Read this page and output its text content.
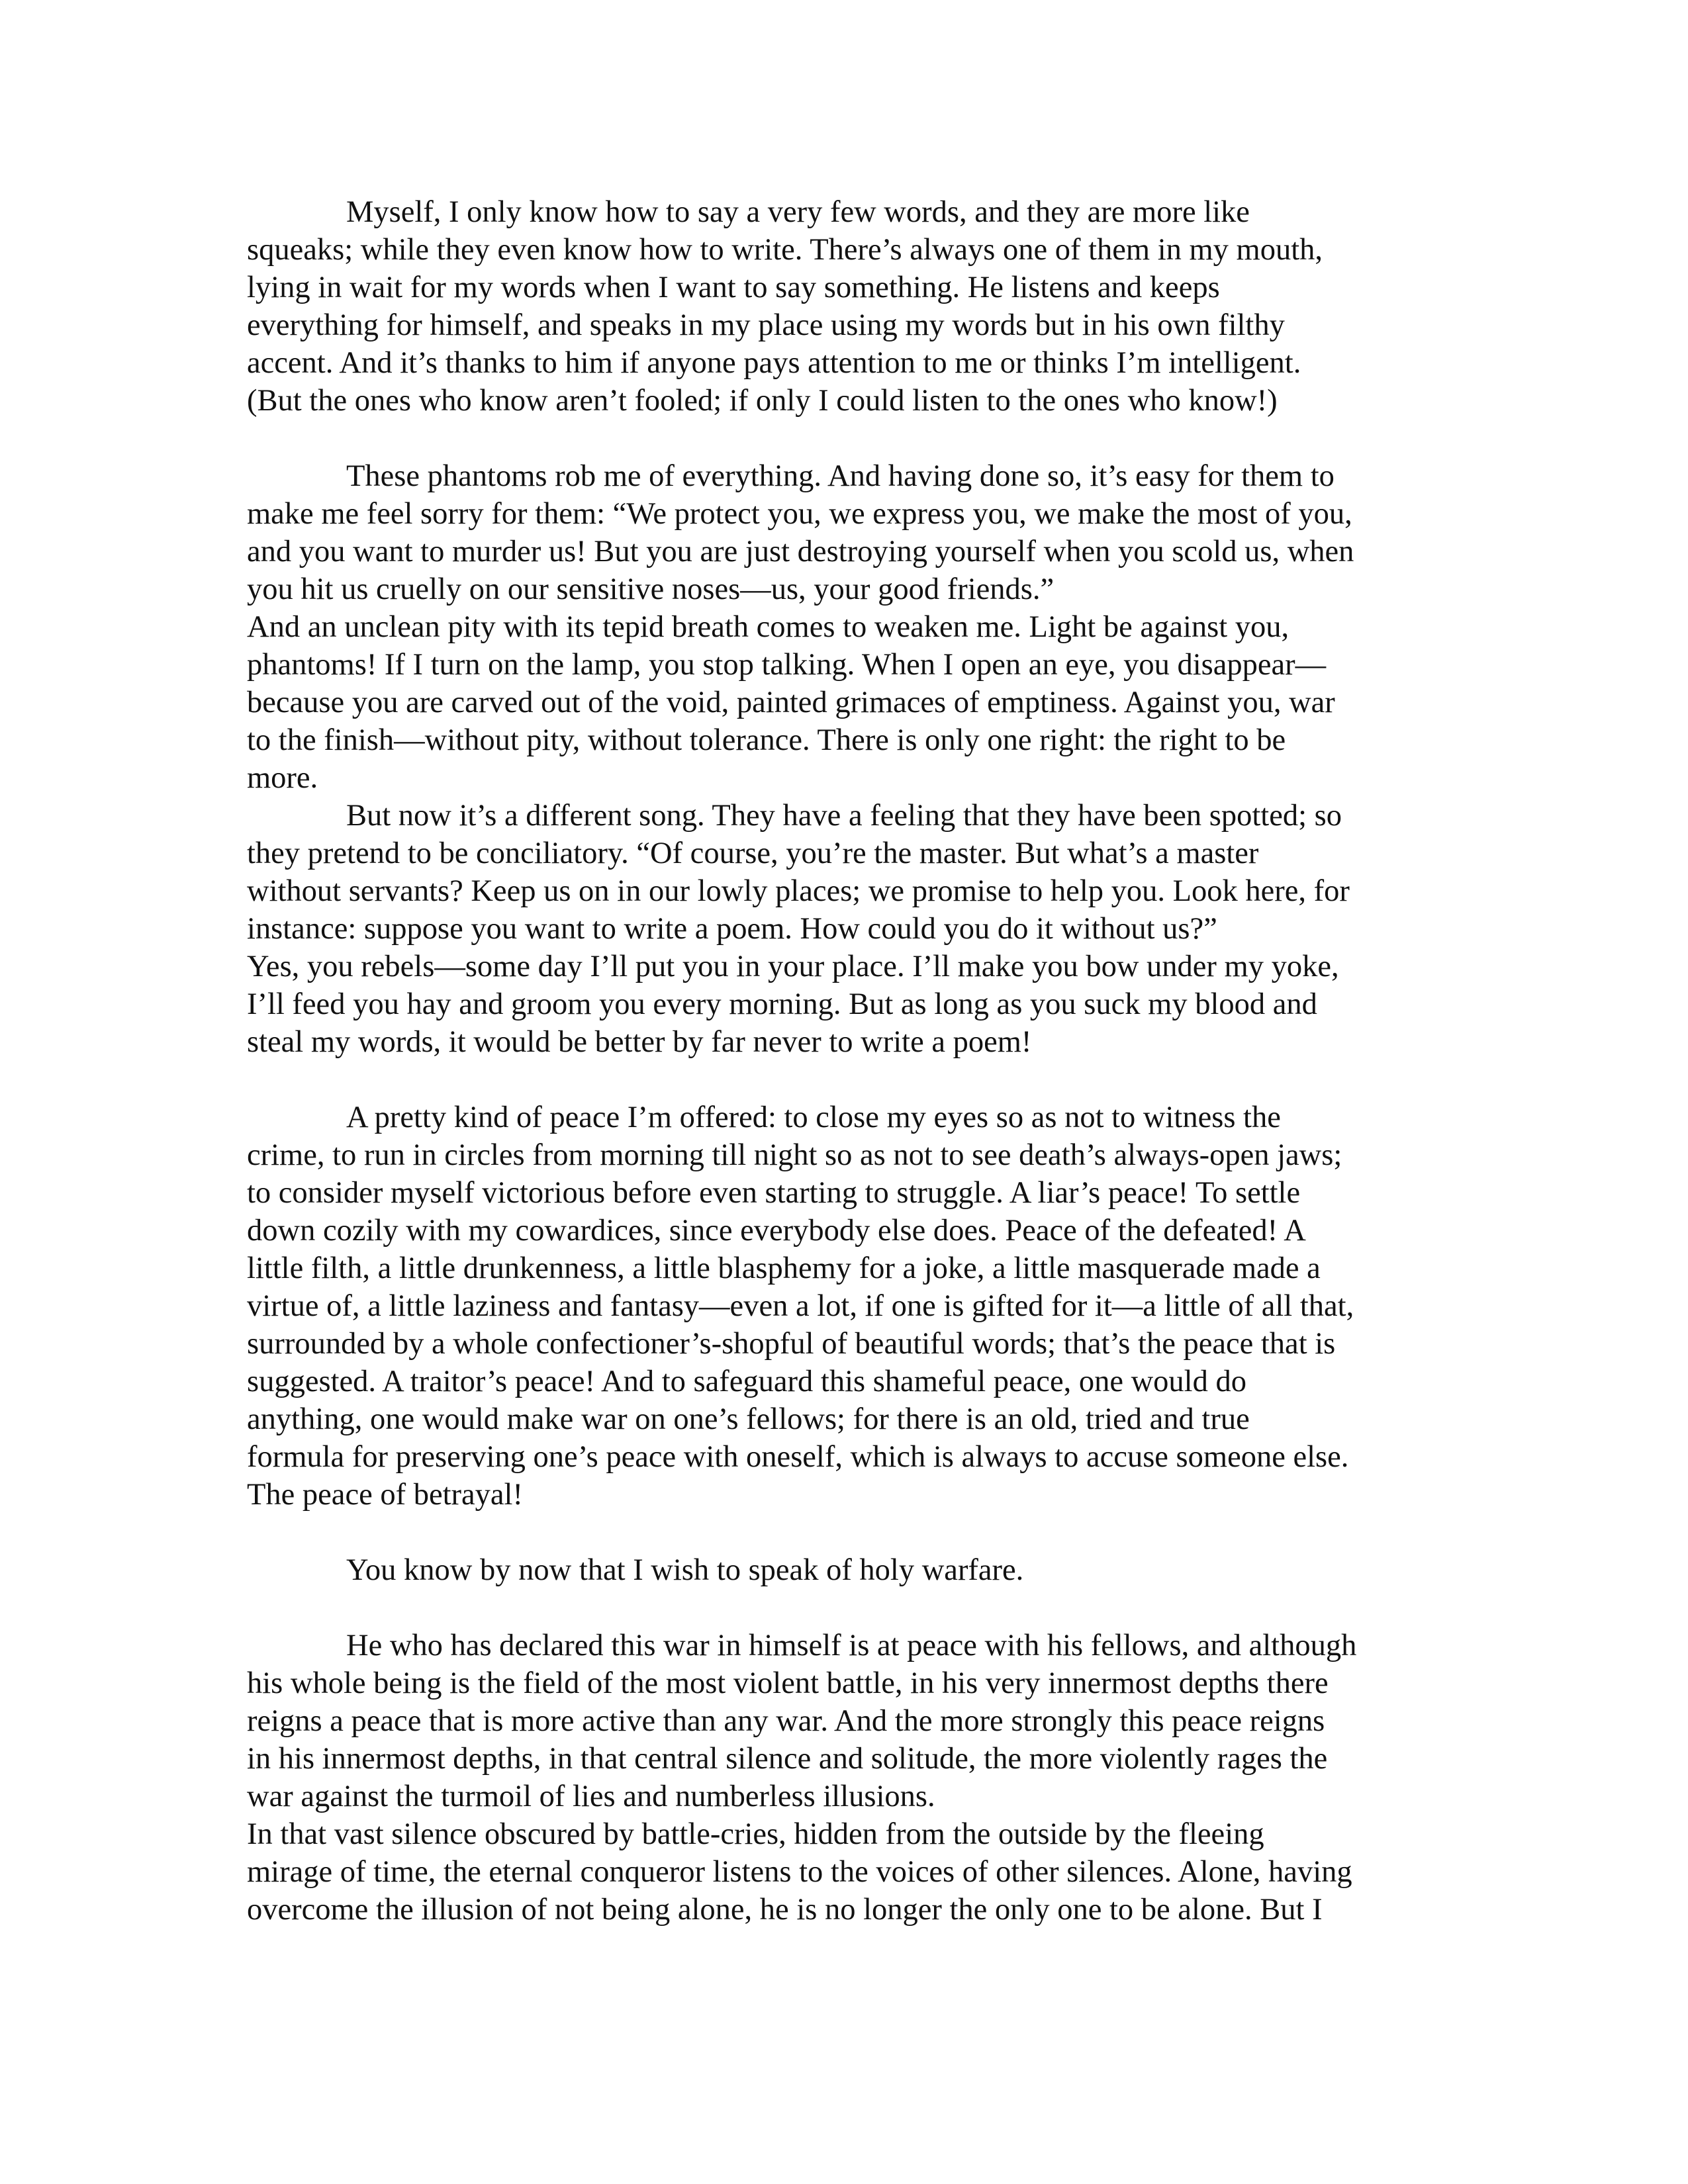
Myself, I only know how to say a very few words, and they are more like
squeaks; while they even know how to write. There’s always one of them in my mouth,
lying in wait for my words when I want to say something. He listens and keeps
everything for himself, and speaks in my place using my words but in his own filthy
accent. And it’s thanks to him if anyone pays attention to me or thinks I’m intelligent.
(But the ones who know aren’t fooled; if only I could listen to the ones who know!)
These phantoms rob me of everything. And having done so, it’s easy for them to
make me feel sorry for them: “We protect you, we express you, we make the most of you,
and you want to murder us! But you are just destroying yourself when you scold us, when
you hit us cruelly on our sensitive noses—us, your good friends.”
And an unclean pity with its tepid breath comes to weaken me. Light be against you,
phantoms! If I turn on the lamp, you stop talking. When I open an eye, you disappear—
because you are carved out of the void, painted grimaces of emptiness. Against you, war
to the finish—without pity, without tolerance. There is only one right: the right to be
more.
But now it’s a different song. They have a feeling that they have been spotted; so
they pretend to be conciliatory. “Of course, you’re the master. But what’s a master
without servants? Keep us on in our lowly places; we promise to help you. Look here, for
instance: suppose you want to write a poem. How could you do it without us?”
Yes, you rebels—some day I’ll put you in your place. I’ll make you bow under my yoke,
I’ll feed you hay and groom you every morning. But as long as you suck my blood and
steal my words, it would be better by far never to write a poem!
A pretty kind of peace I’m offered: to close my eyes so as not to witness the
crime, to run in circles from morning till night so as not to see death’s always-open jaws;
to consider myself victorious before even starting to struggle. A liar’s peace! To settle
down cozily with my cowardices, since everybody else does. Peace of the defeated! A
little filth, a little drunkenness, a little blasphemy for a joke, a little masquerade made a
virtue of, a little laziness and fantasy—even a lot, if one is gifted for it—a little of all that,
surrounded by a whole confectioner’s-shopful of beautiful words; that’s the peace that is
suggested. A traitor’s peace! And to safeguard this shameful peace, one would do
anything, one would make war on one’s fellows; for there is an old, tried and true
formula for preserving one’s peace with oneself, which is always to accuse someone else.
The peace of betrayal!
You know by now that I wish to speak of holy warfare.
He who has declared this war in himself is at peace with his fellows, and although
his whole being is the field of the most violent battle, in his very innermost depths there
reigns a peace that is more active than any war. And the more strongly this peace reigns
in his innermost depths, in that central silence and solitude, the more violently rages the
war against the turmoil of lies and numberless illusions.
In that vast silence obscured by battle-cries, hidden from the outside by the fleeing
mirage of time, the eternal conqueror listens to the voices of other silences. Alone, having
overcome the illusion of not being alone, he is no longer the only one to be alone. But I
